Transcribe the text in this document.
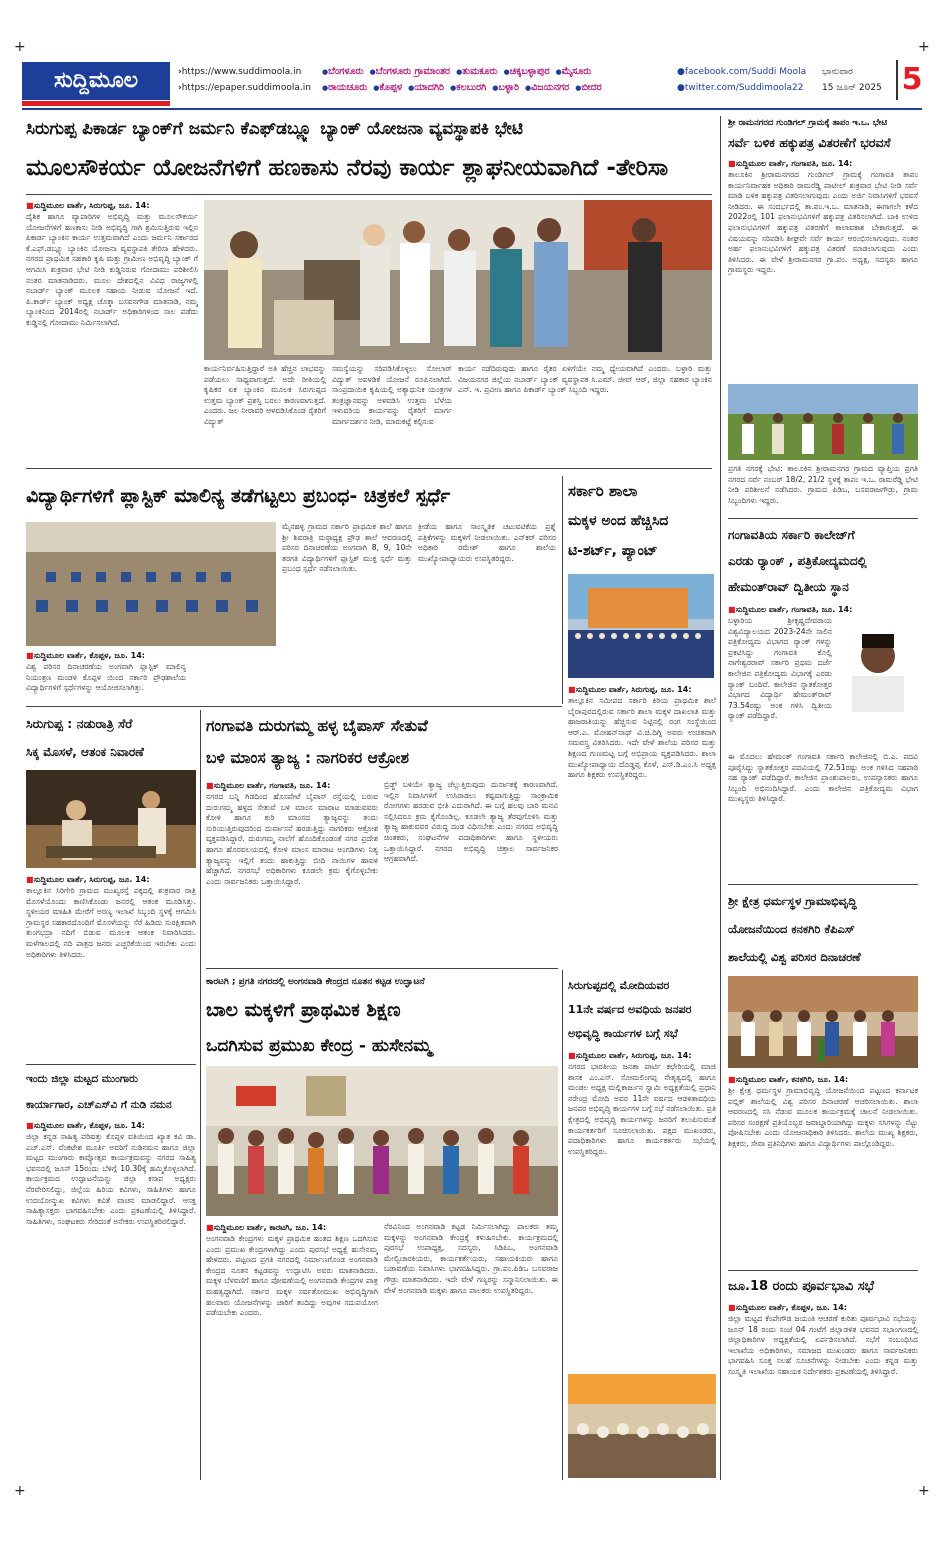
+	+
+	+
ಸುದ್ದಿಮೂಲ	› https://www.suddimoola.in
› https://epaper.suddimoola.in
● ಬೆಂಗಳೂರು ● ಬೆಂಗಳೂರು ಗ್ರಾಮಾಂತರ ● ತುಮಕೂರು ● ಚಿಕ್ಕಬಳ್ಳಾಪುರ ● ಮೈಸೂರು
● ರಾಯಚೂರು ● ಕೊಪ್ಪಳ ● ಯಾದಗಿರಿ ● ಕಲಬುರಗಿ ● ಬಳ್ಳಾರಿ ● ವಿಜಯನಗರ ● ಬೀದರ
● facebook.com/Suddi Moola
● twitter.com/Suddimoola22
ಭಾನುವಾರ
15 ಜೂನ್ 2025 5
ಸಿರುಗುಪ್ಪ ಪಿಕಾರ್ಡ ಬ್ಯಾಂಕ್‌ಗೆ ಜರ್ಮನಿ ಕೆಎಫ್‌ಡಬ್ಲ್ಯೂ ಬ್ಯಾಂಕ್ ಯೋಜನಾ ವ್ಯವಸ್ಥಾಪಕಿ ಭೇಟಿ
ಮೂಲಸೌಕರ್ಯ ಯೋಜನೆಗಳಿಗೆ ಹಣಕಾಸು ನೆರವು ಕಾರ್ಯ ಶ್ಲಾಘನೀಯವಾಗಿದೆ -ತೇರಿಸಾ
■ ಸುದ್ದಿಮೂಲ ವಾರ್ತೆ, ಸಿರುಗುಪ್ಪ, ಜೂ. 14:
ದೈಶಿಕ ಹಾಗೂ ವ್ಯಾಪಾರಿಗಳ ಅಭಿವೃದ್ಧಿ ಮತ್ತು ಮೂಲಸೌಕರ್ಯ ಯೋಜನೆಗಳಿಗೆ ಹಣಕಾಸು ನೀಡಿ ಅಭಿವೃದ್ಧಿ ಗಾಗಿ ಶ್ರಮಿಸುತ್ತಿರುವ ಇಲ್ಲಿನ ಪಿಕಾರ್ಡ ಬ್ಯಾಂಕಿನ ಕಾರ್ಯ ಉತ್ತಮವಾಗಿದೆ ಎಂದು ಜರ್ಮನಿ ಸರ್ಕಾರದ ಕೆ.ಎಫ್.ಡಬ್ಲ್ಯೂ ಬ್ಯಾಂಕಿನ ಯೋಜನಾ ವ್ಯವಸ್ಥಾಪಕಿ ತೇರಿಸಾ ಹೇಳಿದರು. ನಗರದ ಪ್ರಾಥಮಿಕ ಸಹಕಾರಿ ಕೃಷಿ ಮತ್ತು ಗ್ರಾಮೀಣ ಅಭಿವೃದ್ಧಿ ಬ್ಯಾಂಕ್ ಗೆ ಆಗಮಿಸಿ ಶುಕ್ರವಾರ ಭೇಟಿ ನೀಡಿ ಕುಡ್ಡಿನಿರುವ ಗೋದಾಮು ಪರಿಶೀಲಿಸಿ ನಂತರ ಮಾತನಾಡಿದರು. ಮೂಲ ದೇಶದಲ್ಲಿನ ವಿವಿಧ ರಾಜ್ಯಗಳಲ್ಲಿ ನಬಾರ್ಡ್ ಬ್ಯಾಂಕ್ ಮೂಲಕ ಸಹಾಯ ನೀಡುವ ಯೋಜನೆ ಇದೆ. ಪಿ.ಕಾರ್ಡ್ ಬ್ಯಾಂಕ್ ಅಧ್ಯಕ್ಷ ಚೊಕ್ಕಾ ಬಸವನಗೌಡ ಮಾತನಾಡಿ, ನಮ್ಮ ಬ್ಯಾಂಕಿನಿಂದ 2014ರಲ್ಲಿ ನಬಾರ್ಡ್ ಅಧಿಕಾರಿಗಳಿಂದ ಸಾಲ ಪಡೆದು ಕುಡ್ಡಿನಲ್ಲಿ ಗೋದಾಮು ನಿರ್ಮಿಸಲಾಗಿದೆ.
ಕಾರ್ಯನಿರ್ವಹಿಸುತ್ತಿದ್ದಾರೆ ಅತಿ ಹೆಚ್ಚಿನ ಲಾಭವನ್ನು ಪಡೆಯಲು ಸಾಧ್ಯವಾಗುತ್ತದೆ. ಅದೇ ರೀತಿಯಲ್ಲಿ ಕೃಷಿಕರ ಏಕ ಬ್ಯಾಂಕಿನ ಮೂಲಕ ಸಿರುಗುಪ್ಪದ ಉತ್ತಮ ಬ್ಯಾಂಕ್ ಪ್ರಶಸ್ತಿ ಬರಲು ಕಾರಣವಾಗುತ್ತದೆ. ಎಂದರು. ಜಲ ನೀರಾವರಿ ಆಳವಡಿಸಿಕೊಂಡ ರೈತರಿಗೆ ವಿದ್ಯುತ್
ಸಮಸ್ಯೆಯನ್ನು ಸರಿಪಡಿಸಿಕೊಳ್ಳಲು ಸೋಲಾರ್ ವಿದ್ಯುತ್ ಅವಳಡಿಕೆ ಯೋಜನೆ ರೂಪಿಸಲಾಗಿದೆ. ಸಾಂಪ್ರದಾಯಿಕ ಕೃಷಿಯಲ್ಲಿ ಅತ್ಯಾಧುನಿಕ ಯಂತ್ರಗಳ ತಂತ್ರಜ್ಞಾನವನ್ನು ಅಳವಡಿಸಿ ಉತ್ತಮ ಬೆಳೆಯ ಇಳುವರಿಯ ಕಾರ್ಯವನ್ನು ರೈತರಿಗೆ ಮಾರ್ಗ ಮಾರ್ಗದರ್ಶನ ನೀಡಿ, ಮಾರುಕಟ್ಟೆ ಕಲ್ಪಿಸುವ
ಕಾರ್ಯ ನಡೆದಿರುವುದು ಹಾಗೂ ರೈತರ ಏಳಿಗೆಯೇ ನಮ್ಮ ಧ್ಯೇಯವಾಗಿದೆ ಎಂದರು. ಬಳ್ಳಾರಿ ಮತ್ತು ವಿಜಯನಗರ ಜಿಲ್ಲೆಯ ನಬಾರ್ಡ್ ಬ್ಯಾಂಕ್ ವ್ಯವಸ್ಥಾಪಕ ಸಿ.ಎಮ್. ಜೀವ್ ಆರ್, ಜಿಲ್ಲಾ ಸಹಕಾರ ಬ್ಯಾಂಕಿನ ಎನ್. ಇ. ಪ್ರವೀಣ ಹಾಗೂ ಪಿಕಾರ್ಡ್ ಬ್ಯಾಂಕ್ ಸಿಬ್ಬಂದಿ ಇದ್ದರು.
ವಿದ್ಯಾರ್ಥಿಗಳಿಗೆ ಪ್ಲಾಸ್ಟಿಕ್ ಮಾಲಿನ್ಯ ತಡೆಗಟ್ಟಲು ಪ್ರಬಂಧ- ಚಿತ್ರಕಲೆ ಸ್ಪರ್ಧೆ
■ ಸುದ್ದಿಮೂಲ ವಾರ್ತೆ, ಕೊಪ್ಪಳ, ಜೂ. 14:
ವಿಶ್ವ ಪರಿಸರ ದಿನಾಚರಣೆಯ ಅಂಗವಾಗಿ ಪ್ಲಾಸ್ಟಿಕ್ ಮಾಲಿನ್ಯ ನಿಯಂತ್ರಣ ಮಂಡಳಿ ಕೊಪ್ಪಳ ಯಿಂದ ಸರ್ಕಾರಿ ಪ್ರೌಢಶಾಲೆಯ ವಿದ್ಯಾರ್ಥಿಗಳಿಗೆ ಸ್ಪರ್ಧೆಗಳನ್ನು ಆಯೋಜಿಸಲಾಗಿತ್ತು.
ಮೈನಹಳ್ಳಿ ಗ್ರಾಮದ ಸರ್ಕಾರಿ ಪ್ರಾಥಮಿಕ ಶಾಲೆ ಹಾಗೂ ಶ್ರೀ ಶಿವರಾತ್ರಿ ಮಠ್ಠಾಧ್ಯಕ್ಷ ಪ್ರೌಢ ಶಾಲೆ ಆವರಣದಲ್ಲಿ ಪರಿಸರ ದಿನಾಚರಣೆಯ ಅಂಗವಾಗಿ 8, 9, 10ನೇ ತರಗತಿ ವಿದ್ಯಾರ್ಥಿಗಳಿಗೆ ಪ್ಲಾಸ್ಟಿಕ್ ಮುಕ್ತ ಸ್ಪರ್ಧೆ ಮತ್ತು ಪ್ರಬಂಧ ಸ್ಪರ್ಧೆ ನಡೆಸಲಾಯಿತು.
ಕ್ರೀಡೆಯ ಹಾಗೂ ಸಾಂಸ್ಕೃತಿಕ ಚಟುವಟಿಕೆಯ ಪ್ರಶ್ನೆ ಪತ್ರಿಕೆಗಳನ್ನು ಮಕ್ಕಳಿಗೆ ನೀಡಲಾಯಿತು. ಎನ್‌ಕರ್ ಪರಿಸರ ಅಧಿಕಾರಿ ರಮೇಶ್ ಹಾಗೂ ಶಾಲೆಯ ಮುಖ್ಯೋಪಾಧ್ಯಾಯರು ಉಪಸ್ಥಿತರಿದ್ದರು.
ಸರ್ಕಾರಿ ಶಾಲಾ
ಮಕ್ಕಳ ಅಂದ ಹೆಚ್ಚಿಸಿದ
ಟಿ-ಶರ್ಟ್, ಪ್ಯಾಂಟ್
■ ಸುದ್ದಿಮೂಲ ವಾರ್ತೆ, ಸಿರುಗುಪ್ಪ, ಜೂ. 14:
ತಾಲ್ಲೂಕಿನ ಸಮೀಪದ ಸರ್ಕಾರಿ ಕಿರಿಯ ಪ್ರಾಥಮಿಕ ಶಾಲೆ ಬೈರಾಪುರದಲ್ಲಿರುವ ಸರ್ಕಾರಿ ಶಾಲಾ ಮಕ್ಕಳ ದಾಖಲಾತಿ ಮತ್ತು ಹಾಜರಾತಿಯನ್ನು ಹೆಚ್ಚಿಸುವ ನಿಟ್ಟಿನಲ್ಲಿ ರಂಗ ಸಂಸ್ಥೆಯಿಂದ ಆರ್.ಎ. ಮೋಹನ್‌ನಾಥ್ ವಿ.ಚಿ.ದಿಗ್ನಿ ಅವರು ಉಚಿತವಾಗಿ ಸಮವಸ್ತ್ರ ವಿತರಿಸಿದರು. ಇದೇ ವೇಳೆ ಶಾಲೆಯ ಪರಿಸರ ಮತ್ತು ಶಿಕ್ಷಣದ ಗುಣಮಟ್ಟ ಬಗ್ಗೆ ಅಭಿಪ್ರಾಯ ವ್ಯಕ್ತಪಡಿಸಿದರು. ಶಾಲಾ ಮುಖ್ಯೋಪಾಧ್ಯಾಯ ದೊಡ್ಡಪ್ಪ ಕೊಳೆ, ಎಸ್.ಡಿ.ಎಂ.ಸಿ ಅಧ್ಯಕ್ಷ ಹಾಗೂ ಶಿಕ್ಷಕರು ಉಪಸ್ಥಿತರಿದ್ದರು.
ಸಿರುಗುಪ್ಪ : ನಡುರಾತ್ರಿ ಸೆರೆ
ಸಿಕ್ಕ ಮೊಸಳೆ, ಆತಂಕ ನಿವಾರಣೆ
■ ಸುದ್ದಿಮೂಲ ವಾರ್ತೆ, ಸಿರುಗುಪ್ಪ, ಜೂ. 14:
ತಾಲ್ಲೂಕಿನ ಸಿರಿಗೇರಿ ಗ್ರಾಮದ ಮುಖ್ಯರಸ್ತೆ ಪಕ್ಕದಲ್ಲಿ ಶುಕ್ರವಾರ ರಾತ್ರಿ ಮೊಸಳೆಯೊಂದು ಕಾಣಿಸಿಕೊಂಡು ಜನರಲ್ಲಿ ಆತಂಕ ಮೂಡಿಸಿತ್ತು. ಸ್ಥಳೀಯರ ಮಾಹಿತಿ ಮೇರೆಗೆ ಅರಣ್ಯ ಇಲಾಖೆ ಸಿಬ್ಬಂದಿ ಸ್ಥಳಕ್ಕೆ ಆಗಮಿಸಿ ಗ್ರಾಮಸ್ಥರ ಸಹಕಾರದೊಂದಿಗೆ ಮೊಸಳೆಯನ್ನು ಸೆರೆ ಹಿಡಿದು ಸುರಕ್ಷಿತವಾಗಿ ತುಂಗಭದ್ರಾ ನದಿಗೆ ಬಿಡುವ ಮೂಲಕ ಆತಂಕ ನಿವಾರಿಸಿದರು. ಮಳೆಗಾಲದಲ್ಲಿ ನದಿ ಪಾತ್ರದ ಜನರು ಎಚ್ಚರಿಕೆಯಿಂದ ಇರಬೇಕು ಎಂದು ಅಧಿಕಾರಿಗಳು ತಿಳಿಸಿದರು.
ಇಂದು ಜಿಲ್ಲಾ ಮಟ್ಟದ ಮುಂಗಾರು
ಕಾರ್ಯಾಗಾರ, ಎಚ್‌ಎಸ್‌ವಿ ಗೆ ನುಡಿ ನಮನ
■ ಸುದ್ದಿಮೂಲ ವಾರ್ತೆ, ಕೊಪ್ಪಳ, ಜೂ. 14:
ಜಿಲ್ಲಾ ಕನ್ನಡ ಸಾಹಿತ್ಯ ಪರಿಷತ್ತು ಕೊಪ್ಪಳ ವತಿಯಿಂದ ಖ್ಯಾತ ಕವಿ ಡಾ. ಎಚ್.ಎಸ್. ವೆಂಕಟೇಶ ಮೂರ್ತಿ ಅವರಿಗೆ ನುಡಿನಮನ ಹಾಗೂ ಜಿಲ್ಲಾ ಮಟ್ಟದ ಮುಂಗಾರು ಕಾವ್ಯೋತ್ಸವ ಕಾರ್ಯಕ್ರಮವನ್ನು ನಗರದ ಸಾಹಿತ್ಯ ಭವನದಲ್ಲಿ ಜೂನ್ 15ರಂದು ಬೆಳಿಗ್ಗೆ 10.30ಕ್ಕೆ ಹಮ್ಮಿಕೊಳ್ಳಲಾಗಿದೆ. ಕಾರ್ಯಕ್ರಮದ ಉದ್ಘಾಟನೆಯನ್ನು ಜಿಲ್ಲಾ ಕಸಾಪ ಅಧ್ಯಕ್ಷರು ನೆರವೇರಿಸಲಿದ್ದು, ಜಿಲ್ಲೆಯ ಹಿರಿಯ ಕವಿಗಳು, ಸಾಹಿತಿಗಳು ಹಾಗೂ ಉದಯೋನ್ಮುಖ ಕವಿಗಳು ಕವಿತೆ ವಾಚನ ಮಾಡಲಿದ್ದಾರೆ. ಆಸಕ್ತ ಸಾಹಿತ್ಯಾಸಕ್ತರು ಭಾಗವಹಿಸಬೇಕು ಎಂದು ಪ್ರಕಟಣೆಯಲ್ಲಿ ತಿಳಿಸಿದ್ದಾರೆ. ಸಾಹಿತಿಗಳು, ಸಂಘಟಕರು ಸೇರಿದಂತೆ ಅನೇಕರು ಉಪಸ್ಥಿತರಿರಲಿದ್ದಾರೆ.
ಗಂಗಾವತಿ ದುರುಗಮ್ಮ ಹಳ್ಳ ಬೈಪಾಸ್ ಸೇತುವೆ
ಬಳಿ ಮಾಂಸ ತ್ಯಾಜ್ಯ : ನಾಗರಿಕರ ಆಕ್ರೋಶ
■ ಸುದ್ದಿಮೂಲ ವಾರ್ತೆ, ಗಂಗಾವತಿ, ಜೂ. 14:
ನಗರದ ಬನ್ನಿ ಗಿಡದಿಂದ ಹೊಸಪೇಟೆ ಬೈಪಾಸ್ ರಸ್ತೆಯಲ್ಲಿ ಬರುವ ದುರುಗಮ್ಮ ಹಳ್ಳದ ಸೇತುವೆ ಬಳಿ ಮಾಂಸ ಮಾರಾಟ ಮಾಡುವವರು ಕೋಳಿ ಹಾಗೂ ಕುರಿ ಮಾಂಸದ ತ್ಯಾಜ್ಯವನ್ನು ತಂದು ಸುರಿಯುತ್ತಿರುವುದರಿಂದ ದುರ್ವಾಸನೆ ಹರಡುತ್ತಿದ್ದು ನಾಗರಿಕರು ಆಕ್ರೋಶ ವ್ಯಕ್ತಪಡಿಸಿದ್ದಾರೆ. ದುರುಗಮ್ಮ ನಾಲೆಗೆ ಹೊಂದಿಕೊಂಡಂತೆ ನಗರ ಪ್ರದೇಶ ಹಾಗೂ ಹೊರವಲಯದಲ್ಲಿ ಕೋಳಿ ಮಾಂಸ ಮಾರಾಟ ಅಂಗಡಿಗಳು ನಿತ್ಯ ತ್ಯಾಜ್ಯವನ್ನು ಇಲ್ಲಿಗೆ ತಂದು ಹಾಕುತ್ತಿದ್ದು ಬೀದಿ ನಾಯಿಗಳ ಹಾವಳಿ ಹೆಚ್ಚಾಗಿದೆ. ನಗರಸಭೆ ಅಧಿಕಾರಿಗಳು ಕೂಡಲೇ ಕ್ರಮ ಕೈಗೊಳ್ಳಬೇಕು ಎಂದು ಸಾರ್ವಜನಿಕರು ಒತ್ತಾಯಿಸಿದ್ದಾರೆ.
ಬ್ರಿಡ್ಜ್ ಬಳಿಯೇ ತ್ಯಾಜ್ಯ ಚೆಲ್ಲುತ್ತಿರುವುದು ದುರ್ನಾತಕ್ಕೆ ಕಾರಣವಾಗಿದೆ. ಇಲ್ಲಿನ ನಿವಾಸಿಗಳಿಗೆ ಉಸಿರಾಡಲು ಕಷ್ಟವಾಗುತ್ತಿದ್ದು ಸಾಂಕ್ರಾಮಿಕ ರೋಗಗಳು ಹರಡುವ ಭೀತಿ ಎದುರಾಗಿದೆ. ಈ ಬಗ್ಗೆ ಹಲವು ಬಾರಿ ಮನವಿ ಸಲ್ಲಿಸಿದರೂ ಕ್ರಮ ಕೈಗೊಂಡಿಲ್ಲ. ಕೂಡಲೇ ತ್ಯಾಜ್ಯ ತೆರವುಗೊಳಿಸಿ ಮತ್ತು ತ್ಯಾಜ್ಯ ಹಾಕುವವರ ವಿರುದ್ಧ ದಂಡ ವಿಧಿಸಬೇಕು ಎಂದು ನಗರದ ಅಭಿವೃದ್ಧಿ ಚಿಂತಕರು, ಸಂಘಟನೆಗಳ ಪದಾಧಿಕಾರಿಗಳು ಹಾಗೂ ಸ್ಥಳೀಯರು ಒತ್ತಾಯಿಸಿದ್ದಾರೆ. ನಗರದ ಅಭಿವೃದ್ಧಿ ಚಿತ್ತಾಲ ಸಾರ್ವಜನಿಕರ ಆಗ್ರಹವಾಗಿದೆ.
ಕಾರಟಗಿ ; ಪ್ರಗತಿ ನಗರದಲ್ಲಿ ಅಂಗನವಾಡಿ ಕೇಂದ್ರದ ನೂತನ ಕಟ್ಟಡ ಉದ್ಘಾಟನೆ
ಬಾಲ ಮಕ್ಕಳಿಗೆ ಪ್ರಾಥಮಿಕ ಶಿಕ್ಷಣ
ಒದಗಿಸುವ ಪ್ರಮುಖ ಕೇಂದ್ರ - ಹುಸೇನಮ್ಮ
■ ಸುದ್ದಿಮೂಲ ವಾರ್ತೆ, ಕಾರಟಗಿ, ಜೂ. 14:
ಅಂಗನವಾಡಿ ಕೇಂದ್ರಗಳು ಮಕ್ಕಳ ಪ್ರಾಥಮಿಕ ಹಂತದ ಶಿಕ್ಷಣ ಒದಗಿಸುವ ಎಂದು ಪ್ರಮುಖ ಕೇಂದ್ರಗಳಾಗಿದ್ದು ಎಂದು ಪುರಸಭೆ ಅಧ್ಯಕ್ಷೆ ಹುಸೇನಮ್ಮ ಹೇಳಿದರು. ಪಟ್ಟಣದ ಪ್ರಗತಿ ನಗರದಲ್ಲಿ ನಿರ್ಮಾಣಗೊಂಡ ಅಂಗನವಾಡಿ ಕೇಂದ್ರದ ನೂತನ ಕಟ್ಟಡವನ್ನು ಉದ್ಘಾಟಿಸಿ ಅವರು ಮಾತನಾಡಿದರು. ಮಕ್ಕಳ ಬೆಳವಣಿಗೆ ಹಾಗೂ ಪೋಷಣೆಯಲ್ಲಿ ಅಂಗನವಾಡಿ ಕೇಂದ್ರಗಳ ಪಾತ್ರ ಮಹತ್ವದ್ದಾಗಿದೆ. ಸರ್ಕಾರ ಮಕ್ಕಳ ಸರ್ವತೋಮುಖ ಅಭಿವೃದ್ಧಿಗಾಗಿ ಹಲವಾರು ಯೋಜನೆಗಳನ್ನು ಜಾರಿಗೆ ತಂದಿದ್ದು ಅವುಗಳ ಸದುಪಯೋಗ ಪಡೆಯಬೇಕು ಎಂದರು.
ನೆರವಿನಿಂದ ಅಂಗನವಾಡಿ ಕಟ್ಟಡ ನಿರ್ಮಿಸಲಾಗಿದ್ದು ಪಾಲಕರು ತಮ್ಮ ಮಕ್ಕಳನ್ನು ಅಂಗನವಾಡಿ ಕೇಂದ್ರಕ್ಕೆ ಕಳುಹಿಸಬೇಕು. ಕಾರ್ಯಕ್ರಮದಲ್ಲಿ ಪುರಸಭೆ ಉಪಾಧ್ಯಕ್ಷ, ಸದಸ್ಯರು, ಸಿಡಿಪಿಒ, ಅಂಗನವಾಡಿ ಮೇಲ್ವಿಚಾರಕಿಯರು, ಕಾರ್ಯಕರ್ತೆಯರು, ಸಹಾಯಕಿಯರು ಹಾಗೂ ಬಡಾವಣೆಯ ನಿವಾಸಿಗಳು ಭಾಗವಹಿಸಿದ್ದರು. ಗ್ರಾ.ಪಂ.ಪಿಡಿಒ ಬಸವರಾಜ ಗೌಡ್ರು ಮಾತನಾಡಿದರು. ಇದೇ ವೇಳೆ ಗಣ್ಯರನ್ನು ಸನ್ಮಾನಿಸಲಾಯಿತು. ಈ ವೇಳೆ ಅಂಗನವಾಡಿ ಮಕ್ಕಳು ಹಾಗೂ ಪಾಲಕರು ಉಪಸ್ಥಿತರಿದ್ದರು.
ಸಿರುಗುಪ್ಪದಲ್ಲಿ ಮೋದಿಯವರ
11ನೇ ವರ್ಷದ ಅವಧಿಯ ಜನಪರ
ಅಭಿವೃದ್ಧಿ ಕಾರ್ಯಗಳ ಬಗ್ಗೆ ಸಭೆ
■ ಸುದ್ದಿಮೂಲ ವಾರ್ತೆ, ಸಿರುಗುಪ್ಪ, ಜೂ. 14:
ನಗರದ ಭಾರತೀಯ ಜನತಾ ಪಾರ್ಟಿ ಕಛೇರಿಯಲ್ಲಿ ಮಾಜಿ ಶಾಸಕ ಎಂ.ಎಸ್. ಸೋಮಲಿಂಗಪ್ಪ ನೇತೃತ್ವದಲ್ಲಿ ಹಾಗೂ ಮಂಡಲ ಅಧ್ಯಕ್ಷ ಮಲ್ಲಿಕಾರ್ಜುನ ಸ್ವಾಮಿ ಅಧ್ಯಕ್ಷತೆಯಲ್ಲಿ ಪ್ರಧಾನಿ ನರೇಂದ್ರ ಮೋದಿ ಅವರ 11ನೇ ವರ್ಷದ ಆಡಳಿತಾವಧಿಯ ಜನಪರ ಅಭಿವೃದ್ಧಿ ಕಾರ್ಯಗಳ ಬಗ್ಗೆ ಸಭೆ ನಡೆಸಲಾಯಿತು. ಪ್ರತಿ ಕ್ಷೇತ್ರದಲ್ಲಿ ಅಭಿವೃದ್ಧಿ ಕಾರ್ಯಗಳನ್ನು ಜನರಿಗೆ ತಲುಪಿಸುವಂತೆ ಕಾರ್ಯಕರ್ತರಿಗೆ ಸೂಚಿಸಲಾಯಿತು. ಪಕ್ಷದ ಮುಖಂಡರು, ಪದಾಧಿಕಾರಿಗಳು ಹಾಗೂ ಕಾರ್ಯಕರ್ತರು ಸಭೆಯಲ್ಲಿ ಉಪಸ್ಥಿತರಿದ್ದರು.
ಶ್ರೀ ರಾಮನಗರದ ಗುಂಡಿಗಲ್ ಗ್ರಾಮಕ್ಕೆ ತಾಪಂ ಇ.ಒ. ಭೇಟಿ
ಸರ್ವೆ ಬಳಿಕ ಹಕ್ಕುಪತ್ರ ವಿತರಣೆಗೆ ಭರವಸೆ
■ ಸುದ್ದಿಮೂಲ ವಾರ್ತೆ, ಗಂಗಾವತಿ, ಜೂ. 14:
ತಾಲೂಕಿನ ಶ್ರೀರಾಮನಗರದ ಗುಂಡಿಗಲ್ ಗ್ರಾಮಕ್ಕೆ ಗಂಗಾವತಿ ತಾಪಂ ಕಾರ್ಯನಿರ್ವಾಹಕ ಅಧಿಕಾರಿ ರಾಮರೆಡ್ಡಿ ಪಾಟೀಲ್ ಶುಕ್ರವಾರ ಭೇಟಿ ನೀಡಿ ಸರ್ವೆ ಮಾಡಿ ಬಳಿಕ ಹಕ್ಕುಪತ್ರ ವಿತರಿಸಲಾಗುವುದು ಎಂದು ಅರ್ಜಿ ನಿವಾಸಿಗಳಿಗೆ ಭರವಸೆ ನೀಡಿದರು. ಈ ಸಂದರ್ಭದಲ್ಲಿ ತಾ.ಪಂ.ಇ.ಒ. ಮಾತನಾಡಿ, ಈಗಾಗಲೇ ಕಳೆದ 2022ರಲ್ಲಿ 101 ಫಲಾನುಭವಿಗಳಿಗೆ ಹಕ್ಕುಪತ್ರ ವಿತರಿಸಲಾಗಿದೆ. ಬಾಕಿ ಉಳಿದ ಫಲಾನುಭವಿಗಳಿಗೆ ಹಕ್ಕುಪತ್ರ ವಿತರಣೆಗೆ ಕಾಲಾವಕಾಶ ಬೇಕಾಗುತ್ತದೆ. ಈ ವಿಷಯವನ್ನು ಸರಿಪಡಿಸಿ ಶೀಘ್ರವೇ ಸರ್ವೆ ಕಾರ್ಯ ಆರಂಭಿಸಲಾಗುವುದು. ನಂತರ ಅರ್ಹ ಫಲಾನುಭವಿಗಳಿಗೆ ಹಕ್ಕುಪತ್ರ ವಿತರಣೆ ಮಾಡಲಾಗುವುದು ಎಂದು ತಿಳಿಸಿದರು. ಈ ವೇಳೆ ಶ್ರೀರಾಮನಗರ ಗ್ರಾ.ಪಂ. ಅಧ್ಯಕ್ಷ, ಸದಸ್ಯರು ಹಾಗೂ ಗ್ರಾಮಸ್ಥರು ಇದ್ದರು.
ಪ್ರಗತಿ ನಗರಕ್ಕೆ ಭೇಟಿ: ತಾಲೂಕಿನ ಶ್ರೀರಾಮನಗರ ಗ್ರಾಮದ ವ್ಯಾಪ್ತಿಯ ಪ್ರಗತಿ ನಗರದ ಸರ್ವೆ ನಂಬರ್ 18/2, 21/2 ಸ್ಥಳಕ್ಕೆ ತಾಪಂ ಇ.ಒ. ರಾಮರೆಡ್ಡಿ ಭೇಟಿ ನೀಡಿ ಪರಿಶೀಲನೆ ನಡೆಸಿದರು. ಗ್ರಾಮದ ಪಿಡಿಒ, ಬಸವರಾಜಗೌಡ್ರು, ಗ್ರಾಮ ಸಿಬ್ಬಂದಿಗಳು ಇದ್ದರು.
ಗಂಗಾವತಿಯ ಸರ್ಕಾರಿ ಕಾಲೇಜ್‌ಗೆ
ಎರಡು ರ್‍ಯಾಂಕ್ , ಪತ್ರಿಕೋದ್ಯಮದಲ್ಲಿ
ಹೇಮಂತ್‌ರಾವ್ ದ್ವಿತೀಯ ಸ್ಥಾನ
■ ಸುದ್ದಿಮೂಲ ವಾರ್ತೆ, ಗಂಗಾವತಿ, ಜೂ. 14:
ಬಳ್ಳಾರಿಯ ಶ್ರೀಕೃಷ್ಣದೇವರಾಯ ವಿಶ್ವವಿದ್ಯಾಲಯದ 2023-24ನೇ ಸಾಲಿನ ಪತ್ರಿಕೋದ್ಯಮ ವಿಭಾಗದ ರ್‍ಯಾಂಕ್ ಗಳನ್ನು ಪ್ರಕಟಿಸಿದ್ದು ಗಂಗಾವತಿ ಕೊಲ್ಲಿ ನಾಗೇಶ್ವರರಾವ್ ಸರ್ಕಾರಿ ಪ್ರಥಮ ದರ್ಜೆ ಕಾಲೇಜಿನ ಪತ್ರಿಕೋದ್ಯಮ ವಿಭಾಗಕ್ಕೆ ಎರಡು ರ್‍ಯಾಂಕ್ ಬಂದಿವೆ. ಕಾಲೇಜಿನ ಸ್ನಾತಕೋತ್ತರ ವಿಭಾಗದ ವಿದ್ಯಾರ್ಥಿ ಹೇಮಂತ್‌ರಾವ್ 73.54ರಷ್ಟು ಅಂಕ ಗಳಿಸಿ ದ್ವಿತೀಯ ರ್‍ಯಾಂಕ್ ಪಡೆದಿದ್ದಾರೆ.
ಈ ಮೊದಲು ಹೇಮಂತ್ ಗಂಗಾವತಿ ಸರ್ಕಾರಿ ಕಾಲೇಜಿನಲ್ಲಿ ಬಿ.ಎ. ಪದವಿ ಪೂರೈಸಿದ್ದು ಸ್ನಾತಕೋತ್ತರ ಪದವಿಯಲ್ಲಿ 72.51ರಷ್ಟು ಅಂಕ ಗಳಿಸಿದ ಸಹಪಾಠಿ ಸಹ ರ್‍ಯಾಂಕ್ ಪಡೆದಿದ್ದಾರೆ. ಕಾಲೇಜಿನ ಪ್ರಾಂಶುಪಾಲರು, ಉಪನ್ಯಾಸಕರು ಹಾಗೂ ಸಿಬ್ಬಂದಿ ಅಭಿನಂದಿಸಿದ್ದಾರೆ. ಎಂದು ಕಾಲೇಜಿನ ಪತ್ರಿಕೋದ್ಯಮ ವಿಭಾಗ ಮುಖ್ಯಸ್ಥರು ತಿಳಿಸಿದ್ದಾರೆ.
ಶ್ರೀ ಕ್ಷೇತ್ರ ಧರ್ಮಸ್ಥಳ ಗ್ರಾಮಾಭಿವೃದ್ಧಿ
ಯೋಜನೆಯಿಂದ ಕನಕಗಿರಿ ಕೆಪಿಎಸ್
ಶಾಲೆಯಲ್ಲಿ ವಿಶ್ವ ಪರಿಸರ ದಿನಾಚರಣೆ
■ ಸುದ್ದಿಮೂಲ ವಾರ್ತೆ, ಕನಕಗಿರಿ, ಜೂ. 14:
ಶ್ರೀ ಕ್ಷೇತ್ರ ಧರ್ಮಸ್ಥಳ ಗ್ರಾಮಾಭಿವೃದ್ಧಿ ಯೋಜನೆಯಿಂದ ಪಟ್ಟಣದ ಕರ್ನಾಟಕ ಪಬ್ಲಿಕ್ ಶಾಲೆಯಲ್ಲಿ ವಿಶ್ವ ಪರಿಸರ ದಿನಾಚರಣೆ ಆಚರಿಸಲಾಯಿತು. ಶಾಲಾ ಆವರಣದಲ್ಲಿ ಸಸಿ ನೆಡುವ ಮೂಲಕ ಕಾರ್ಯಕ್ರಮಕ್ಕೆ ಚಾಲನೆ ನೀಡಲಾಯಿತು. ಪರಿಸರ ಸಂರಕ್ಷಣೆ ಪ್ರತಿಯೊಬ್ಬರ ಜವಾಬ್ದಾರಿಯಾಗಿದ್ದು ಮಕ್ಕಳು ಸಸಿಗಳನ್ನು ನೆಟ್ಟು ಪೋಷಿಸಬೇಕು ಎಂದು ಯೋಜನಾಧಿಕಾರಿ ತಿಳಿಸಿದರು. ಶಾಲೆಯ ಮುಖ್ಯ ಶಿಕ್ಷಕರು, ಶಿಕ್ಷಕರು, ಸೇವಾ ಪ್ರತಿನಿಧಿಗಳು ಹಾಗೂ ವಿದ್ಯಾರ್ಥಿಗಳು ಪಾಲ್ಗೊಂಡಿದ್ದರು.
ಜೂ.18 ರಂದು ಪೂರ್ವಭಾವಿ ಸಭೆ
■ ಸುದ್ದಿಮೂಲ ವಾರ್ತೆ, ಕೊಪ್ಪಳ, ಜೂ. 14:
ಜಿಲ್ಲಾ ಮಟ್ಟದ ಕೆಂಪೇಗೌಡ ಜಯಂತಿ ಆಚರಣೆ ಕುರಿತು ಪೂರ್ವಭಾವಿ ಸಭೆಯನ್ನು ಜೂನ್ 18 ರಂದು ಸಂಜೆ 04 ಗಂಟೆಗೆ ಜಿಲ್ಲಾಡಳಿತ ಭವನದ ಸಭಾಂಗಣದಲ್ಲಿ ಜಿಲ್ಲಾಧಿಕಾರಿಗಳ ಅಧ್ಯಕ್ಷತೆಯಲ್ಲಿ ಏರ್ಪಡಿಸಲಾಗಿದೆ. ಸಭೆಗೆ ಸಂಬಂಧಿಸಿದ ಇಲಾಖೆಯ ಅಧಿಕಾರಿಗಳು, ಸಮಾಜದ ಮುಖಂಡರು ಹಾಗೂ ಸಾರ್ವಜನಿಕರು ಭಾಗವಹಿಸಿ ಸೂಕ್ತ ಸಲಹೆ ಸೂಚನೆಗಳನ್ನು ನೀಡಬೇಕು ಎಂದು ಕನ್ನಡ ಮತ್ತು ಸಂಸ್ಕೃತಿ ಇಲಾಖೆಯ ಸಹಾಯಕ ನಿರ್ದೇಶಕರು ಪ್ರಕಟಣೆಯಲ್ಲಿ ತಿಳಿಸಿದ್ದಾರೆ.
